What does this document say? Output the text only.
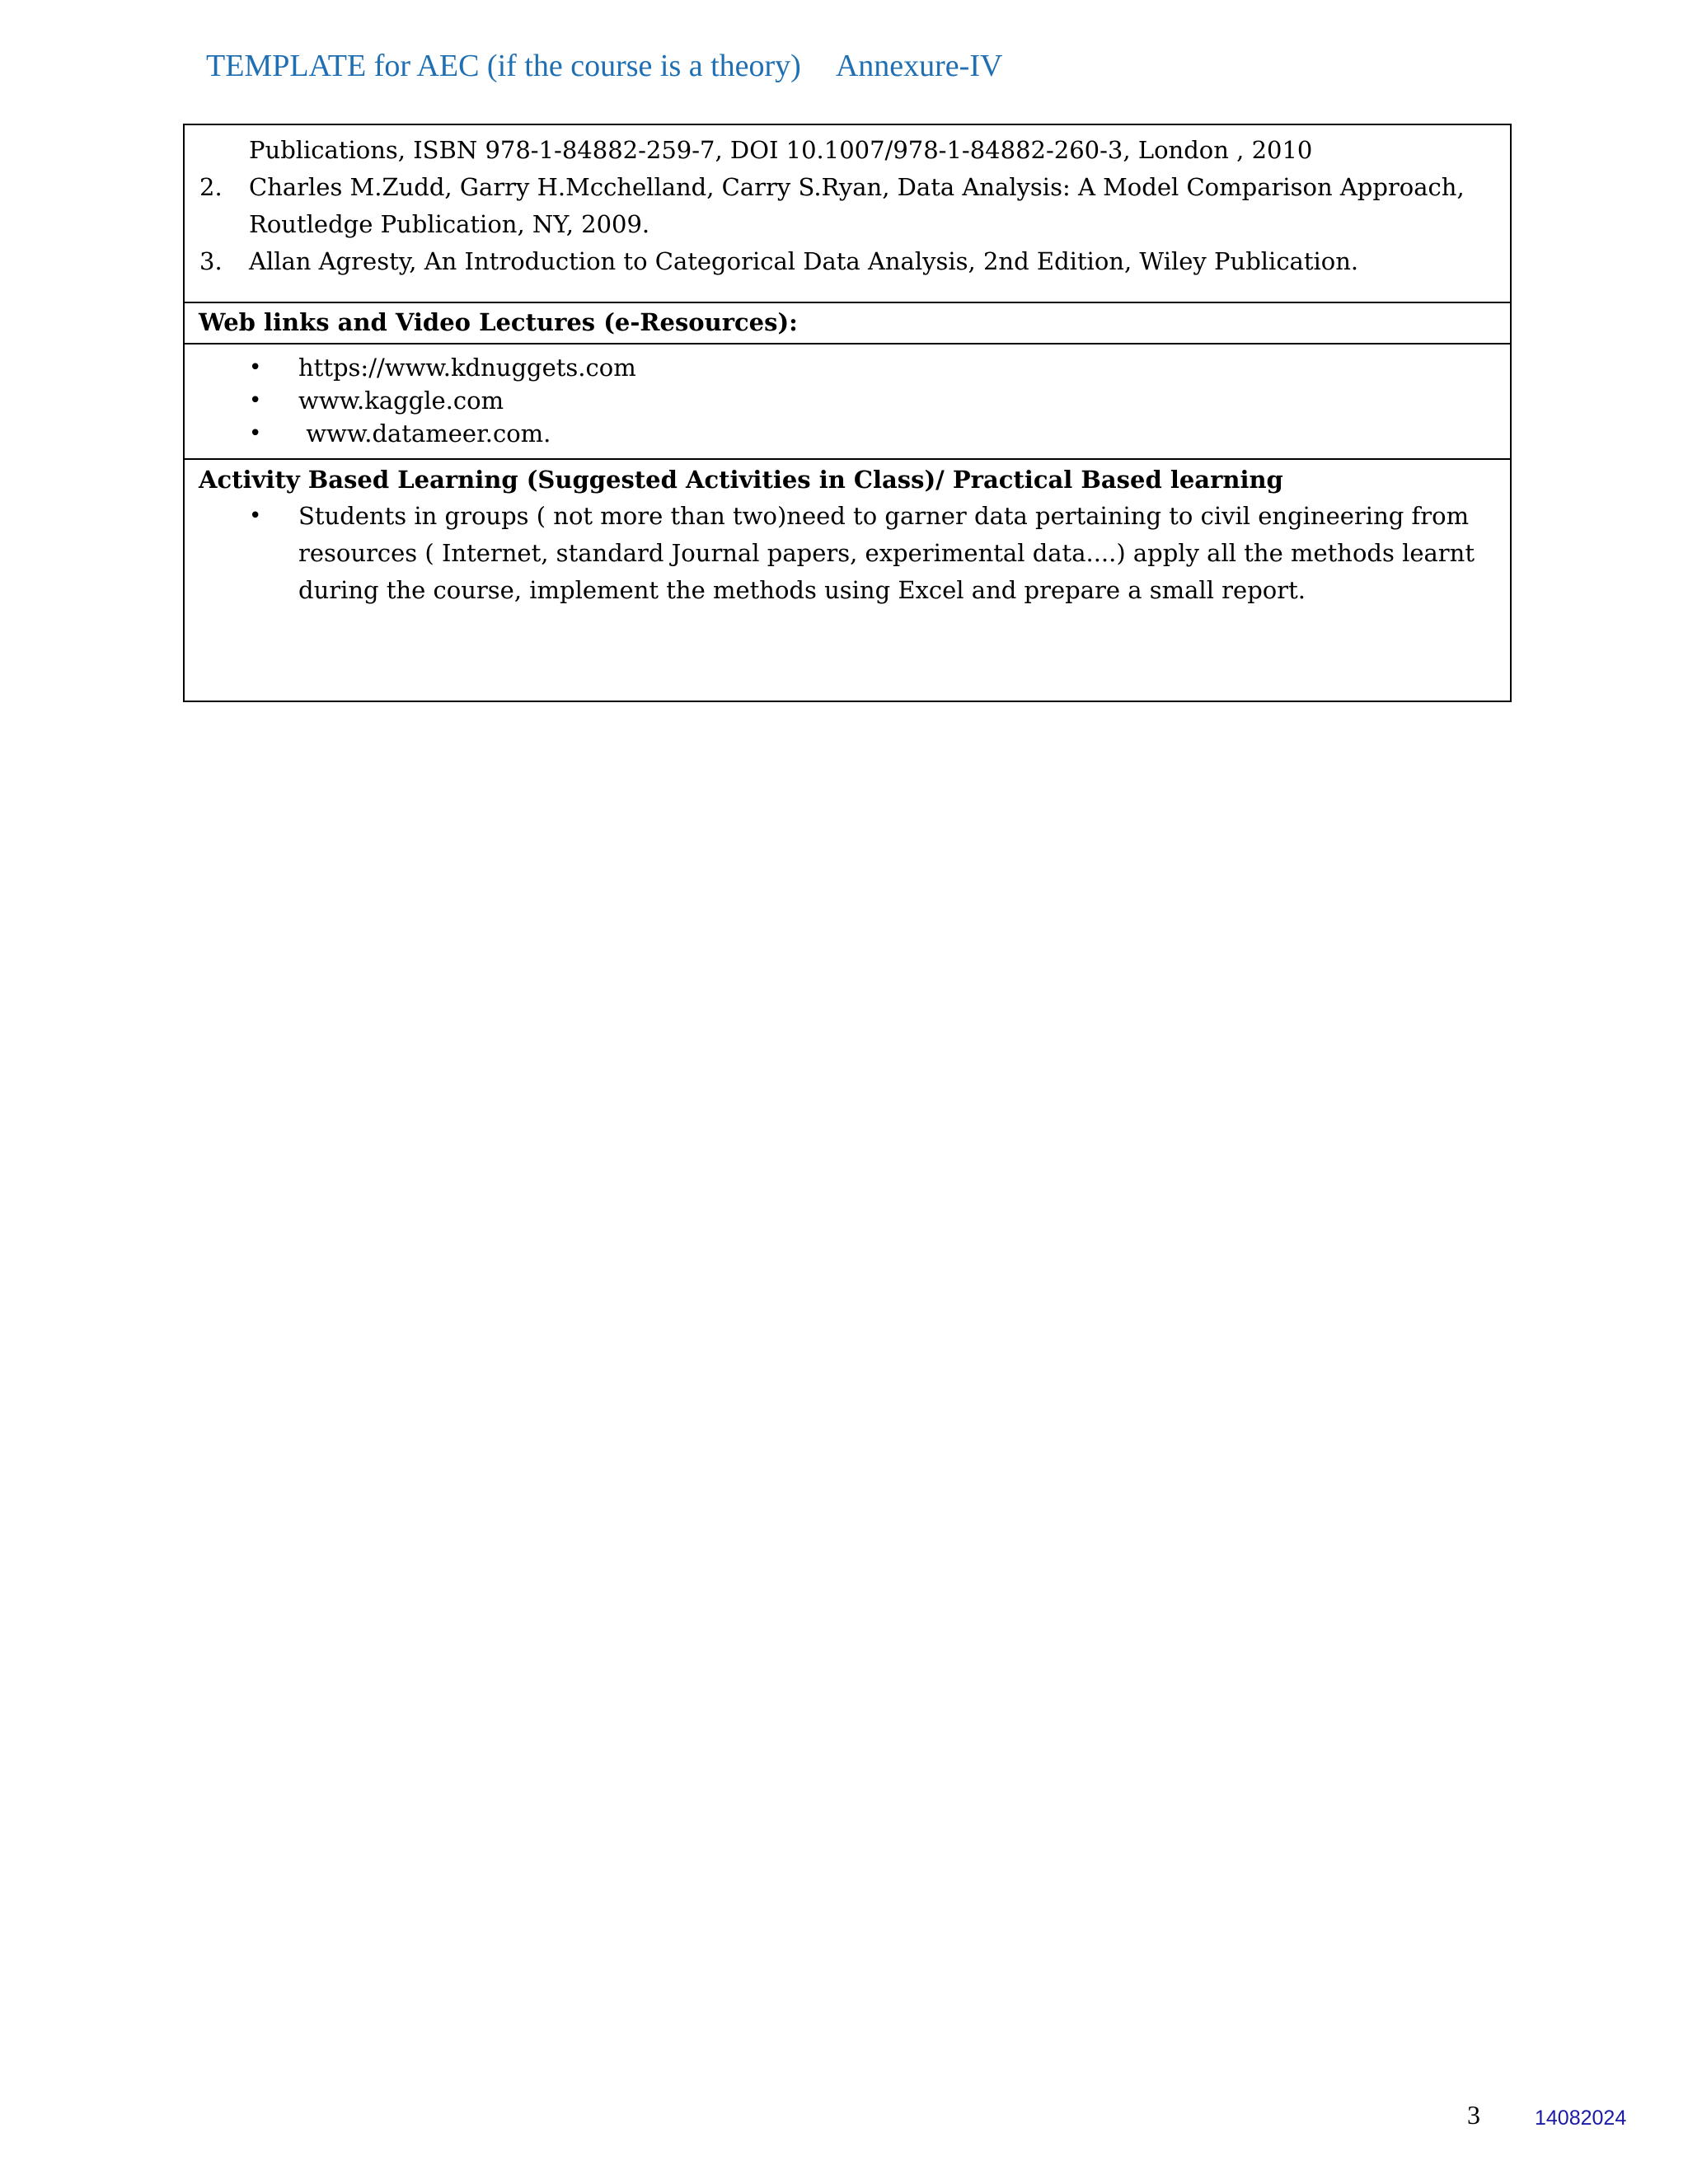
TEMPLATE for AEC (if the course is a theory) Annexure-IV
Publications, ISBN 978-1-84882-259-7, DOI 10.1007/978-1-84882-260-3, London , 2010
2. Charles M.Zudd, Garry H.Mcchelland, Carry S.Ryan, Data Analysis: A Model Comparison Approach,
Routledge Publication, NY, 2009.
3. Allan Agresty, An Introduction to Categorical Data Analysis, 2nd Edition, Wiley Publication.
Web links and Video Lectures (e-Resources):
• https://www.kdnuggets.com
• www.kaggle.com
• www.datameer.com.
Activity Based Learning (Suggested Activities in Class)/ Practical Based learning
• Students in groups ( not more than two)need to garner data pertaining to civil engineering from
resources ( Internet, standard Journal papers, experimental data....) apply all the methods learnt
during the course, implement the methods using Excel and prepare a small report.
3	14082024
